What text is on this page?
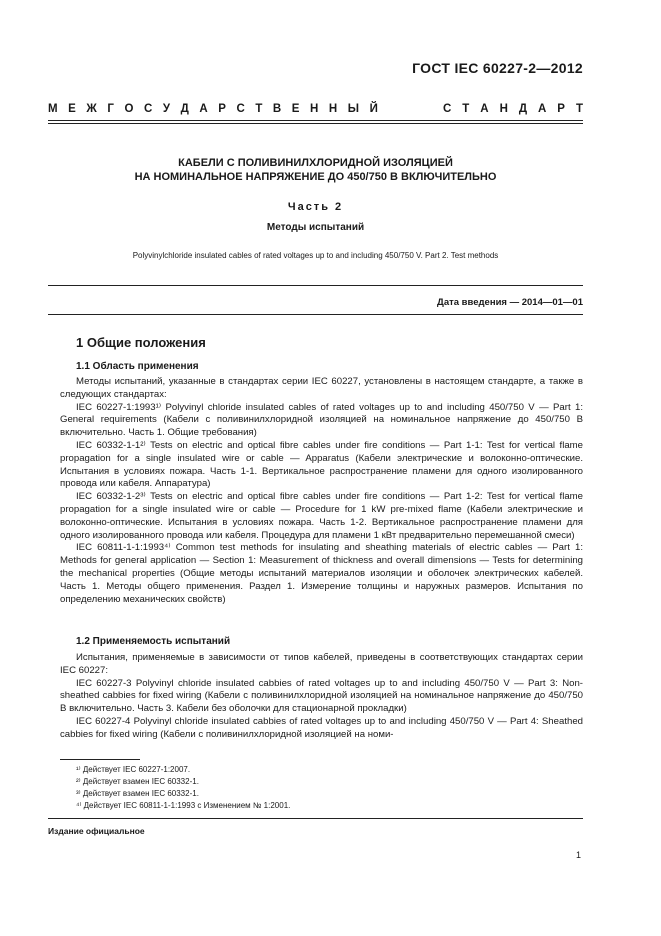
ГОСТ IEC 60227-2—2012
М Е Ж Г О С У Д А Р С Т В Е Н Н Ы Й	С Т А Н Д А Р Т
КАБЕЛИ С ПОЛИВИНИЛХЛОРИДНОЙ ИЗОЛЯЦИЕЙ
НА НОМИНАЛЬНОЕ НАПРЯЖЕНИЕ ДО 450/750 В ВКЛЮЧИТЕЛЬНО
Часть 2
Методы испытаний
Polyvinylchloride insulated cables of rated voltages up to and including 450/750 V. Part 2. Test methods
Дата введения — 2014—01—01
1 Общие положения
1.1 Область применения

Методы испытаний, указанные в стандартах серии IEC 60227, установлены в настоящем стандарте, а также в следующих стандартах:

IEC 60227-1:1993¹⁾ Polyvinyl chloride insulated cables of rated voltages up to and including 450/750 V — Part 1: General requirements (Кабели с поливинилхлоридной изоляцией на номинальное напряжение до 450/750 В включительно. Часть 1. Общие требования)

IEC 60332-1-1²⁾ Tests on electric and optical fibre cables under fire conditions — Part 1-1: Test for vertical flame propagation for a single insulated wire or cable — Apparatus (Кабели электрические и волоконно-оптические. Испытания в условиях пожара. Часть 1-1. Вертикальное распространение пламени для одного изолированного провода или кабеля. Аппаратура)

IEC 60332-1-2³⁾ Tests on electric and optical fibre cables under fire conditions — Part 1-2: Test for vertical flame propagation for a single insulated wire or cable — Procedure for 1 kW pre-mixed flame (Кабели электрические и волоконно-оптические. Испытания в условиях пожара. Часть 1-2. Вертикальное распространение пламени для одного изолированного провода или кабеля. Процедура для пламени 1 кВт предварительно перемешанной смеси)

IEC 60811-1-1:1993⁴⁾ Common test methods for insulating and sheathing materials of electric cables — Part 1: Methods for general application — Section 1: Measurement of thickness and overall dimensions — Tests for determining the mechanical properties (Общие методы испытаний материалов изоляции и оболочек электрических кабелей. Часть 1. Методы общего применения. Раздел 1. Измерение толщины и наружных размеров. Испытания по определению механических свойств)

1.2 Применяемость испытаний

Испытания, применяемые в зависимости от типов кабелей, приведены в соответствующих стандартах серии IEC 60227:

IEC 60227-3 Polyvinyl chloride insulated cabbies of rated voltages up to and including 450/750 V — Part 3: Non-sheathed cabbies for fixed wiring (Кабели с поливинилхлоридной изоляцией на номинальное напряжение до 450/750 В включительно. Часть 3. Кабели без оболочки для стационарной прокладки)

IEC 60227-4 Polyvinyl chloride insulated cabbies of rated voltages up to and including 450/750 V — Part 4: Sheathed cabbies for fixed wiring (Кабели с поливинилхлоридной изоляцией на номи-

¹⁾ Действует IEC 60227-1:2007.
²⁾ Действует взамен IEC 60332-1.
³⁾ Действует взамен IEC 60332-1.
⁴⁾ Действует IEC 60811-1-1:1993 с Изменением № 1:2001.
Издание официальное
1
